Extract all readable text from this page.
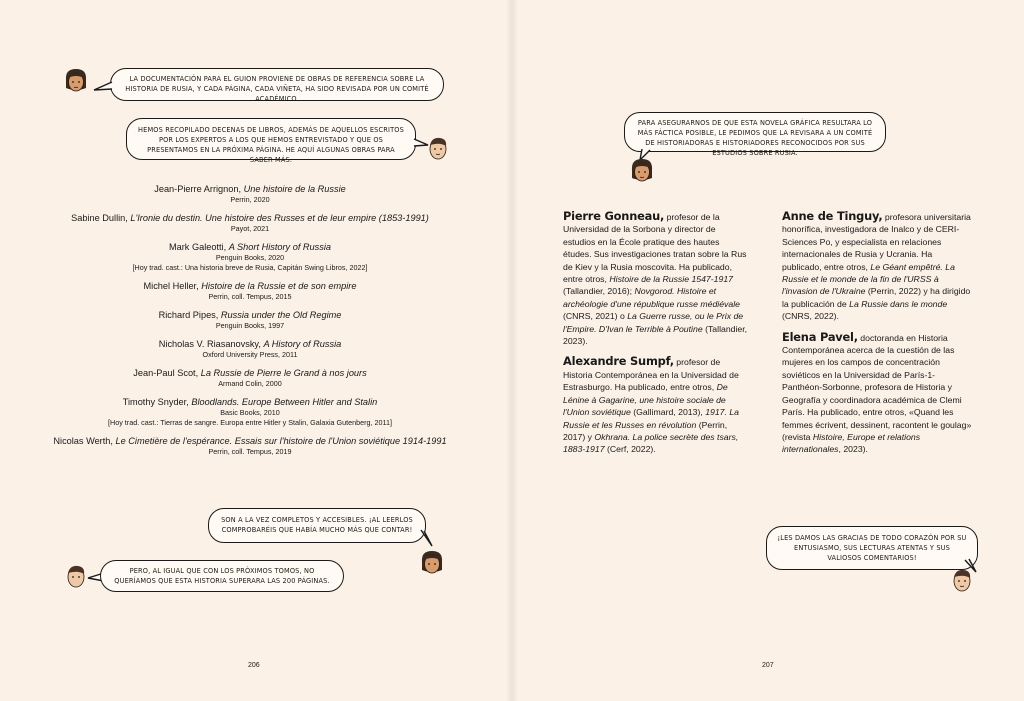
LA DOCUMENTACIÓN PARA EL GUION PROVIENE DE OBRAS DE REFERENCIA SOBRE LA HISTORIA DE RUSIA, Y CADA PÁGINA, CADA VIÑETA, HA SIDO REVISADA POR UN COMITÉ ACADÉMICO.
HEMOS RECOPILADO DECENAS DE LIBROS, ADEMÁS DE AQUELLOS ESCRITOS POR LOS EXPERTOS A LOS QUE HEMOS ENTREVISTADO Y QUE OS PRESENTAMOS EN LA PRÓXIMA PÁGINA. HE AQUÍ ALGUNAS OBRAS PARA SABER MÁS.
Jean-Pierre Arrignon, Une histoire de la Russie
Perrin, 2020
Sabine Dullin, L'Ironie du destin. Une histoire des Russes et de leur empire (1853-1991)
Payot, 2021
Mark Galeotti, A Short History of Russia
Penguin Books, 2020
[Hoy trad. cast.: Una historia breve de Rusia, Capitán Swing Libros, 2022]
Michel Heller, Histoire de la Russie et de son empire
Perrin, coll. Tempus, 2015
Richard Pipes, Russia under the Old Regime
Penguin Books, 1997
Nicholas V. Riasanovsky, A History of Russia
Oxford University Press, 2011
Jean-Paul Scot, La Russie de Pierre le Grand à nos jours
Armand Colin, 2000
Timothy Snyder, Bloodlands. Europe Between Hitler and Stalin
Basic Books, 2010
[Hoy trad. cast.: Tierras de sangre. Europa entre Hitler y Stalin, Galaxia Gutenberg, 2011]
Nicolas Werth, Le Cimetière de l'espérance. Essais sur l'histoire de l'Union soviétique 1914-1991
Perrin, coll. Tempus, 2019
SON A LA VEZ COMPLETOS Y ACCESIBLES. ¡AL LEERLOS COMPROBARÉIS QUE HABÍA MUCHO MÁS QUE CONTAR!
PERO, AL IGUAL QUE CON LOS PRÓXIMOS TOMOS, NO QUERÍAMOS QUE ESTA HISTORIA SUPERARA LAS 200 PÁGINAS.
206
PARA ASEGURARNOS DE QUE ESTA NOVELA GRÁFICA RESULTARA LO MÁS FÁCTICA POSIBLE, LE PEDIMOS QUE LA REVISARA A UN COMITÉ DE HISTORIADORAS E HISTORIADORES RECONOCIDOS POR SUS ESTUDIOS SOBRE RUSIA.

Pierre Gonneau, profesor de la Universidad de la Sorbona y director de estudios en la École pratique des hautes études. Sus investigaciones tratan sobre la Rus de Kiev y la Rusia moscovita. Ha publicado, entre otros, Histoire de la Russie 1547-1917 (Tallandier, 2016); Novgorod. Histoire et archéologie d'une république russe médiévale (CNRS, 2021) o La Guerre russe, ou le Prix de l'Empire. D'Ivan le Terrible à Poutine (Tallandier, 2023).

Alexandre Sumpf, profesor de Historia Contemporánea en la Universidad de Estrasburgo. Ha publicado, entre otros, De Lénine à Gagarine, une histoire sociale de l'Union soviétique (Gallimard, 2013), 1917. La Russie et les Russes en révolution (Perrin, 2017) y Okhrana. La police secrète des tsars, 1883-1917 (Cerf, 2022).

Anne de Tinguy, profesora universitaria honorífica, investigadora de Inalco y de CERI-Sciences Po, y especialista en relaciones internacionales de Rusia y Ucrania. Ha publicado, entre otros, Le Géant empêtré. La Russie et le monde de la fin de l'URSS à l'invasion de l'Ukraine (Perrin, 2022) y ha dirigido la publicación de La Russie dans le monde (CNRS, 2022).

Elena Pavel, doctoranda en Historia Contemporánea acerca de la cuestión de las mujeres en los campos de concentración soviéticos en la Universidad de París-1-Panthéon-Sorbonne, profesora de Historia y Geografía y coordinadora académica de Clemi París. Ha publicado, entre otros, «Quand les femmes écrivent, dessinent, racontent le goulag» (revista Histoire, Europe et relations internationales, 2023).

¡LES DAMOS LAS GRACIAS DE TODO CORAZÓN POR SU ENTUSIASMO, SUS LECTURAS ATENTAS Y SUS VALIOSOS COMENTARIOS!
207
